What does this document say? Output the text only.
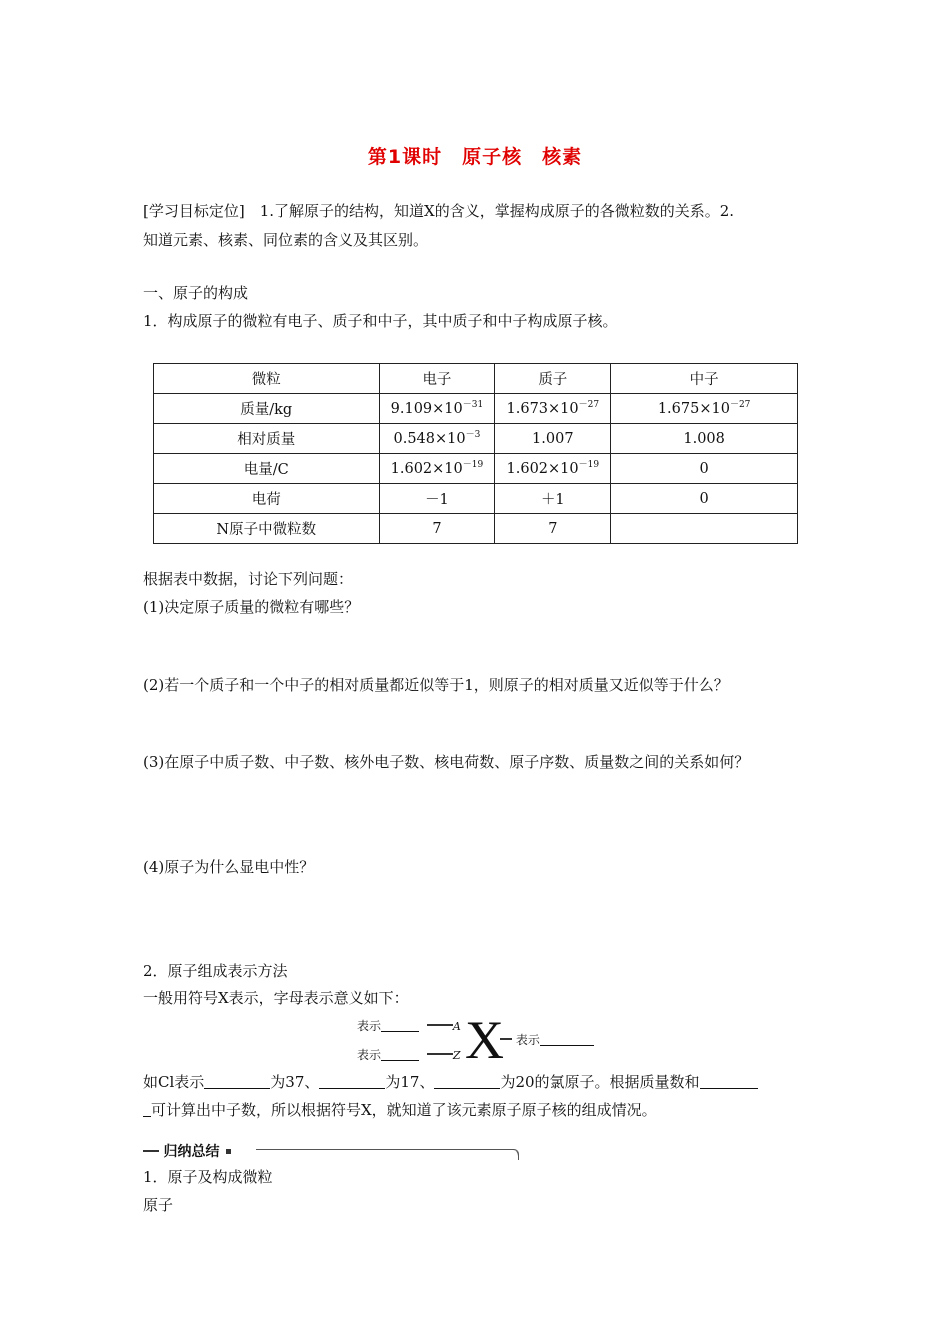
第1课时　原子核　核素
[学习目标定位]　1.了解原子的结构，知道X的含义，掌握构成原子的各微粒数的关系。2.
知道元素、核素、同位素的含义及其区别。
一、原子的构成
1．构成原子的微粒有电子、质子和中子，其中质子和中子构成原子核。
微粒	电子	质子	中子
质量/kg	$9.109\times 10^{-31}$	$1.673\times 10^{-27}$	$1.675\times 10^{-27}$
相对质量	$0.548\times 10^{-3}$	1.007	1.008
电量/C	$1.602\times 10^{-19}$	$1.602\times 10^{-19}$	0
电荷	－1	＋1	0
N原子中微粒数	7	7	
根据表中数据，讨论下列问题：
(1)决定原子质量的微粒有哪些？
(2)若一个质子和一个中子的相对质量都近似等于1，则原子的相对质量又近似等于什么？
(3)在原子中质子数、中子数、核外电子数、核电荷数、原子序数、质量数之间的关系如何？
(4)原子为什么显电中性？
2．原子组成表示方法
一般用符号X表示，字母表示意义如下：
表示	A
表示	Z X 表示
如Cl表示	为37、	为17、	为20的氯原子。根据质量数和
可计算出中子数，所以根据符号X，就知道了该元素原子原子核的组成情况。
归纳总结
1．原子及构成微粒
原子
